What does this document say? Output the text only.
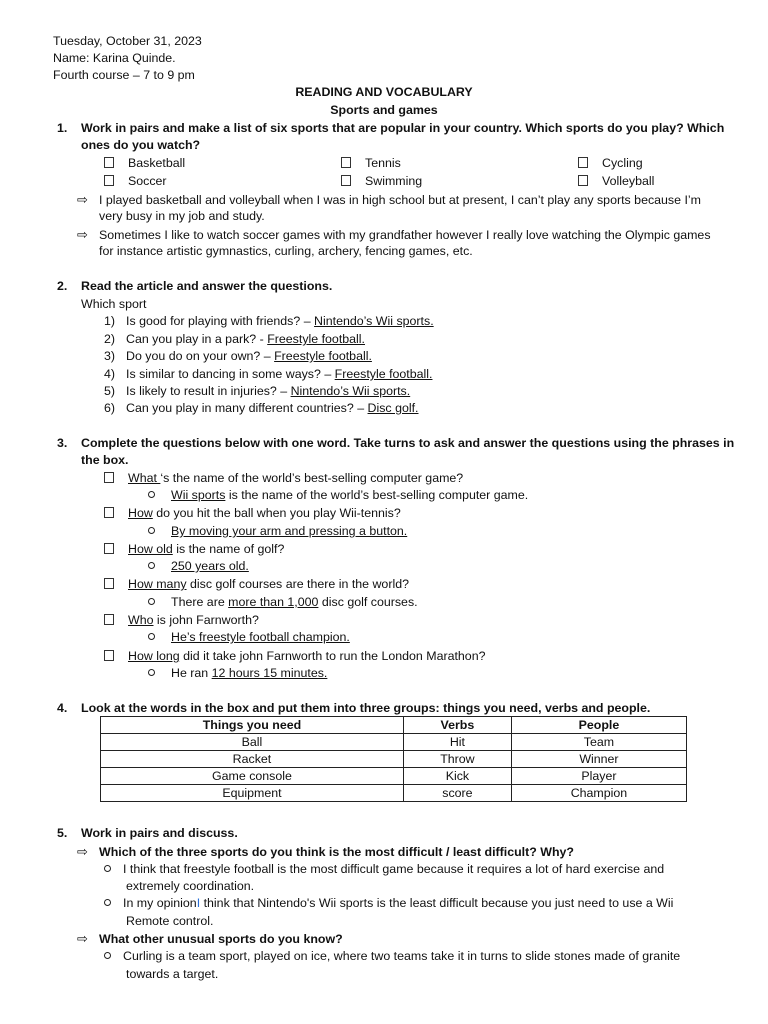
Tuesday, October 31, 2023
Name: Karina Quinde.
Fourth course – 7 to 9 pm
READING AND VOCABULARY
Sports and games
1. Work in pairs and make a list of six sports that are popular in your country. Which sports do you play? Which
ones do you watch?
Basketball	Tennis	Cycling
Soccer	Swimming	Volleyball
⇨ I played basketball and volleyball when I was in high school but at present, I can’t play any sports because I’m
very busy in my job and study.
⇨ Sometimes I like to watch soccer games with my grandfather however I really love watching the Olympic games
for instance artistic gymnastics, curling, archery, fencing games, etc.
2. Read the article and answer the questions.
Which sport
1) Is good for playing with friends? – Nintendo’s Wii sports.
2) Can you play in a park? - Freestyle football.
3) Do you do on your own? – Freestyle football.
4) Is similar to dancing in some ways? – Freestyle football.
5) Is likely to result in injuries? – Nintendo’s Wii sports.
6) Can you play in many different countries? – Disc golf.
3. Complete the questions below with one word. Take turns to ask and answer the questions using the phrases in
the box.
What ‘s the name of the world’s best-selling computer game?
Wii sports is the name of the world’s best-selling computer game.
How do you hit the ball when you play Wii-tennis?
By moving your arm and pressing a button.
How old is the name of golf?
250 years old.
How many disc golf courses are there in the world?
There are more than 1,000 disc golf courses.
Who is john Farnworth?
He’s freestyle football champion.
How long did it take john Farnworth to run the London Marathon?
He ran 12 hours 15 minutes.
4. Look at the words in the box and put them into three groups: things you need, verbs and people.
Things you need	Verbs	People
Ball	Hit	Team
Racket	Throw	Winner
Game console	Kick	Player
Equipment	score	Champion
5. Work in pairs and discuss.
⇨ Which of the three sports do you think is the most difficult / least difficult? Why?
I think that freestyle football is the most difficult game because it requires a lot of hard exercise and
extremely coordination.
In my opinionI think that Nintendo's Wii sports is the least difficult because you just need to use a Wii
Remote control.
⇨ What other unusual sports do you know?
Curling is a team sport, played on ice, where two teams take it in turns to slide stones made of granite
towards a target.
